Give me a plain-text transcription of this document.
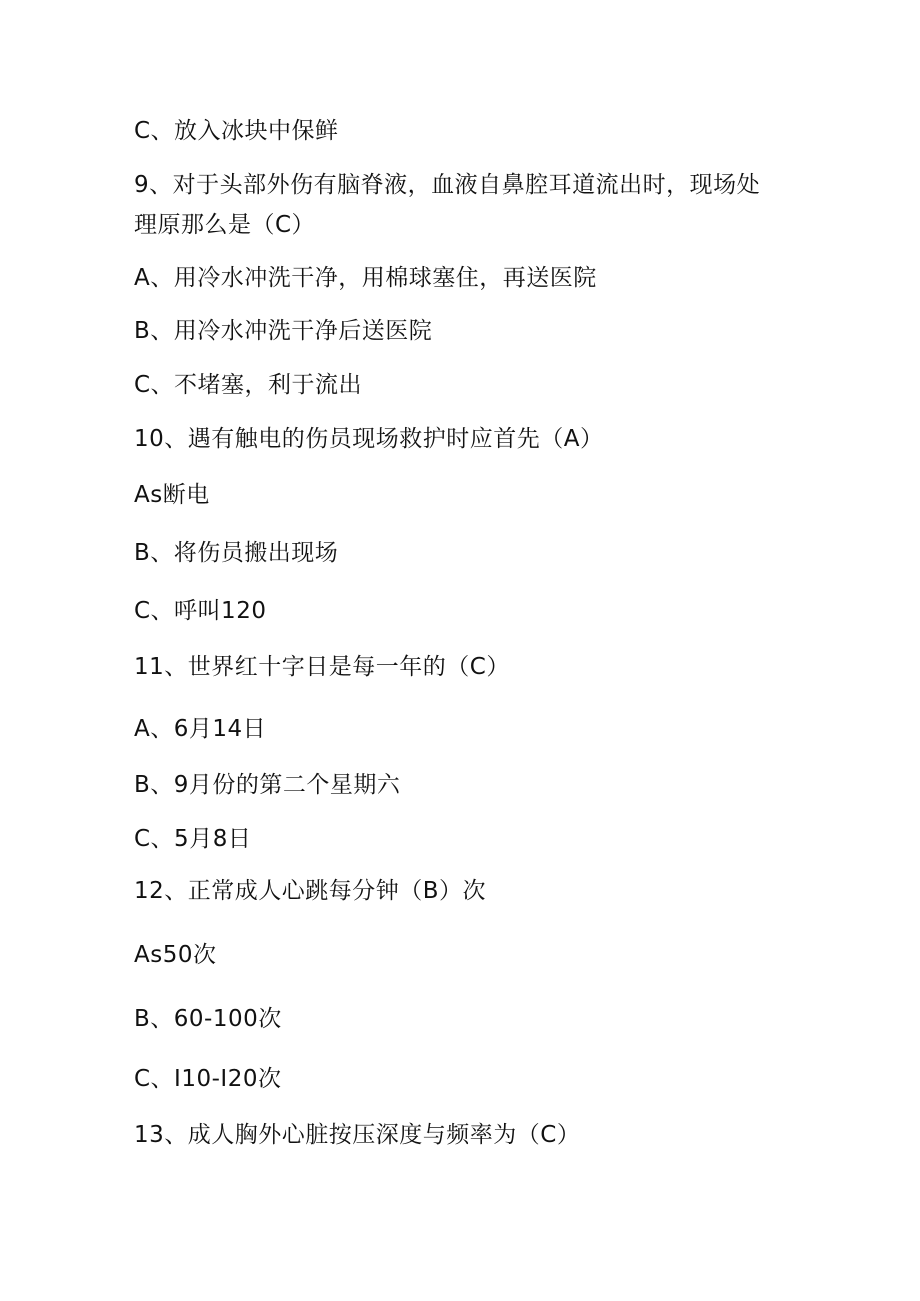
C、放入冰块中保鲜
9、对于头部外伤有脑脊液，血液自鼻腔耳道流出时，现场处
理原那么是（C）
A、用冷水冲洗干净，用棉球塞住，再送医院
B、用冷水冲洗干净后送医院
C、不堵塞，利于流出
10、遇有触电的伤员现场救护时应首先（A）
As断电
B、将伤员搬出现场
C、呼叫120
11、世界红十字日是每一年的（C）
A、6月14日
B、9月份的第二个星期六
C、5月8日
12、正常成人心跳每分钟（B）次
As50次
B、60-100次
C、I10-I20次
13、成人胸外心脏按压深度与频率为（C）
